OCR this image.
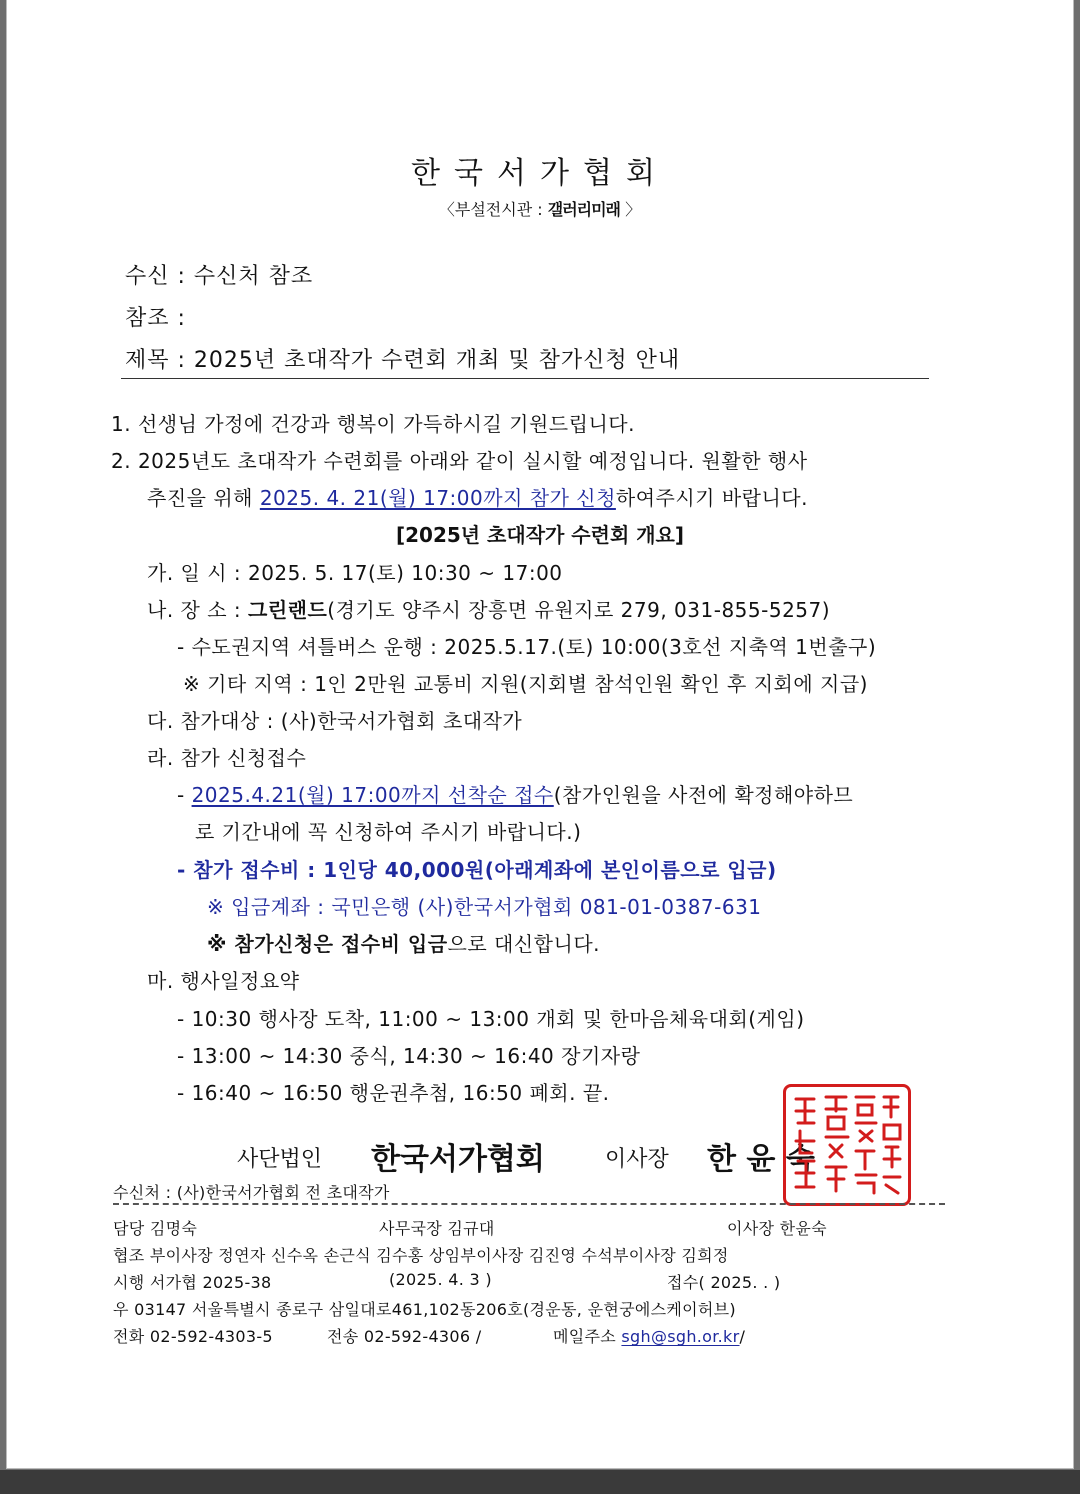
한국서가협회
〈부설전시관 : 갤러리미래 〉
수신 : 수신처 참조
참조 :
제목 : 2025년 초대작가 수련회 개최 및 참가신청 안내
1. 선생님 가정에 건강과 행복이 가득하시길 기원드립니다.
2. 2025년도 초대작가 수련회를 아래와 같이 실시할 예정입니다. 원활한 행사
추진을 위해 2025. 4. 21(월) 17:00까지 참가 신청하여주시기 바랍니다.
[2025년 초대작가 수련회 개요]
가. 일 시 : 2025. 5. 17(토) 10:30 ~ 17:00
나. 장 소 : 그린랜드(경기도 양주시 장흥면 유원지로 279, 031-855-5257)
- 수도권지역 셔틀버스 운행 : 2025.5.17.(토) 10:00(3호선 지축역 1번출구)
※ 기타 지역 : 1인 2만원 교통비 지원(지회별 참석인원 확인 후 지회에 지급)
다. 참가대상 : (사)한국서가협회 초대작가
라. 참가 신청접수
- 2025.4.21(월) 17:00까지 선착순 접수(참가인원을 사전에 확정해야하므
로 기간내에 꼭 신청하여 주시기 바랍니다.)
- 참가 접수비 : 1인당 40,000원(아래계좌에 본인이름으로 입금)
※ 입금계좌 : 국민은행 (사)한국서가협회 081-01-0387-631
※ 참가신청은 접수비 입금으로 대신합니다.
마. 행사일정요약
- 10:30 행사장 도착, 11:00 ~ 13:00 개회 및 한마음체육대회(게임)
- 13:00 ~ 14:30 중식, 14:30 ~ 16:40 장기자랑
- 16:40 ~ 16:50 행운권추첨, 16:50 폐회. 끝.
사단법인 한국서가협회	이사장 한 윤 숙
社團法人韓國書家協會理事長之印
수신처 : (사)한국서가협회 전 초대작가
담당 김명숙	사무국장 김규대	이사장 한윤숙
협조 부이사장 정연자 신수옥 손근식 김수홍 상임부이사장 김진영 수석부이사장 김희정
시행 서가협 2025-38	(2025. 4. 3 )	접수( 2025. . )
우 03147 서울특별시 종로구 삼일대로461,102동206호(경운동, 운현궁에스케이허브)
전화 02-592-4303-5	전송 02-592-4306 /	메일주소 sgh@sgh.or.kr/
